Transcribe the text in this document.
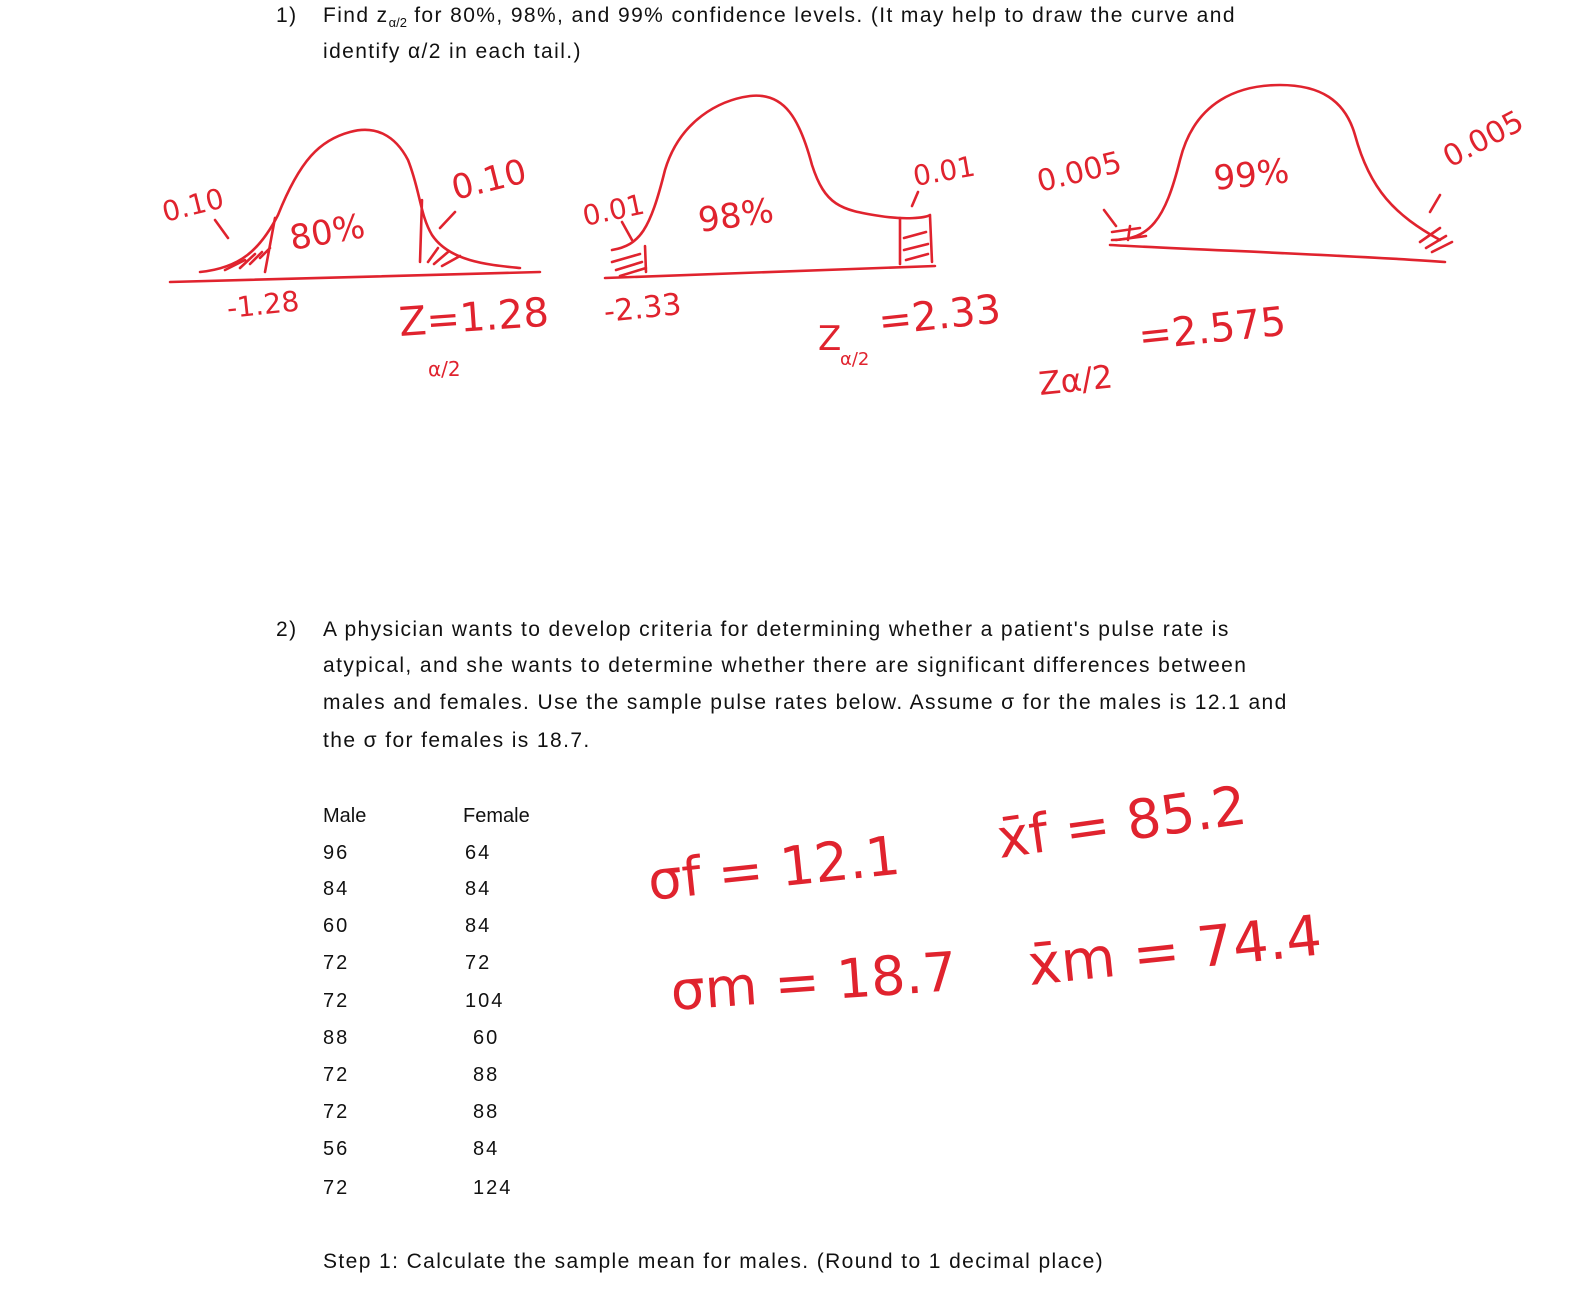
1) Find $z_{\alpha/2}$ for 80%, 98%, and 99% confidence levels. (It may help to draw the curve and
identify α/2 in each tail.)
0.10
80%
0.10
-1.28 Z=1.28
α/2
0.01 98%
0.01
-2.33
Z
α/2
=2.33
0.005	99%
0.005
=2.575
Zα/2
σf = 12.1
σm = 18.7
x̄f = 85.2
x̄m = 74.4
2) A physician wants to develop criteria for determining whether a patient's pulse rate is
atypical, and she wants to determine whether there are significant differences between
males and females. Use the sample pulse rates below. Assume σ for the males is 12.1 and
the σ for females is 18.7.
Male	Female
96
84
60
72
72
88
72
72
56
72
64
84
84
72
104
60
88
88
84
124
Step 1: Calculate the sample mean for males. (Round to 1 decimal place)
